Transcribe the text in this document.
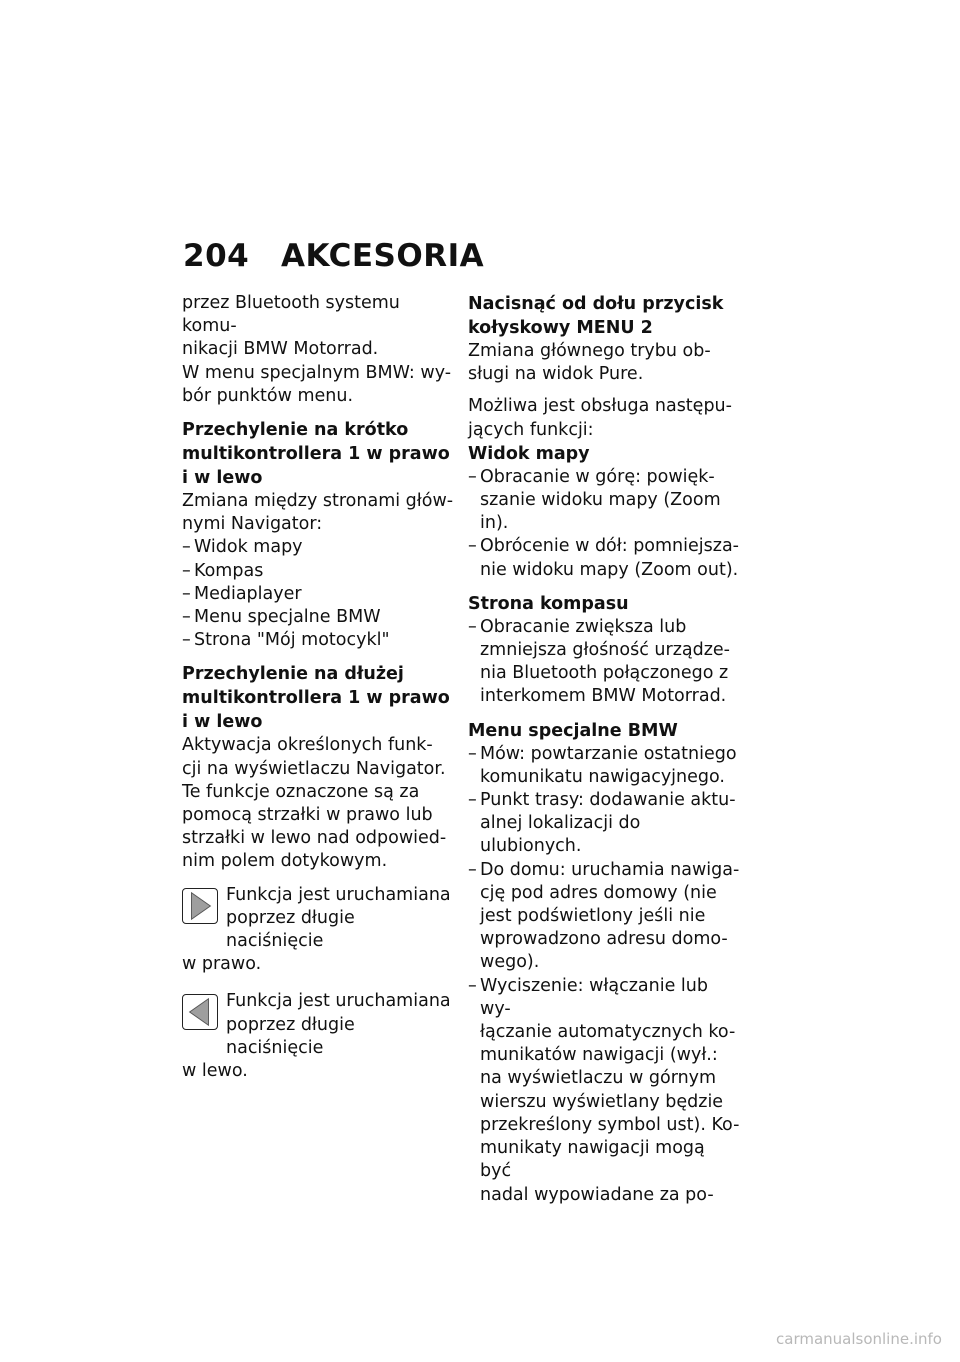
204 AKCESORIA

przez Bluetooth systemu komu-

nikacji BMW Motorrad.

W menu specjalnym BMW: wy-

bór punktów menu.

Przechylenie na krótko

multikontrollera 1 w prawo

i w lewo

Zmiana między stronami głów-

nymi Navigator:

– Widok mapy

– Kompas

– Mediaplayer

– Menu specjalne BMW

– Strona "Mój motocykl"

Przechylenie na dłużej

multikontrollera 1 w prawo

i w lewo

Aktywacja określonych funk-

cji na wyświetlaczu Navigator.

Te funkcje oznaczone są za

pomocą strzałki w prawo lub

strzałki w lewo nad odpowied-

nim polem dotykowym.

Funkcja jest uruchamiana
poprzez długie naciśnięcie
w prawo.
Funkcja jest uruchamiana
poprzez długie naciśnięcie
w lewo.

Nacisnąć od dołu przycisk

kołyskowy MENU 2

Zmiana głównego trybu ob-

sługi na widok Pure.

Możliwa jest obsługa następu-

jących funkcji:

Widok mapy

– Obracanie w górę: powięk-
szanie widoku mapy (Zoom
in).
– Obrócenie w dół: pomniejsza-
nie widoku mapy (Zoom out).

Strona kompasu

– Obracanie zwiększa lub
zmniejsza głośność urządze-
nia Bluetooth połączonego z
interkomem BMW Motorrad.

Menu specjalne BMW

– Mów: powtarzanie ostatniego
komunikatu nawigacyjnego.
– Punkt trasy: dodawanie aktu-
alnej lokalizacji do ulubionych.
– Do domu: uruchamia nawiga-
cję pod adres domowy (nie
jest podświetlony jeśli nie
wprowadzono adresu domo-
wego).
– Wyciszenie: włączanie lub wy-
łączanie automatycznych ko-
munikatów nawigacji (wył.:
na wyświetlaczu w górnym
wierszu wyświetlany będzie
przekreślony symbol ust). Ko-
munikaty nawigacji mogą być
nadal wypowiadane za po-
carmanualsonline.info
